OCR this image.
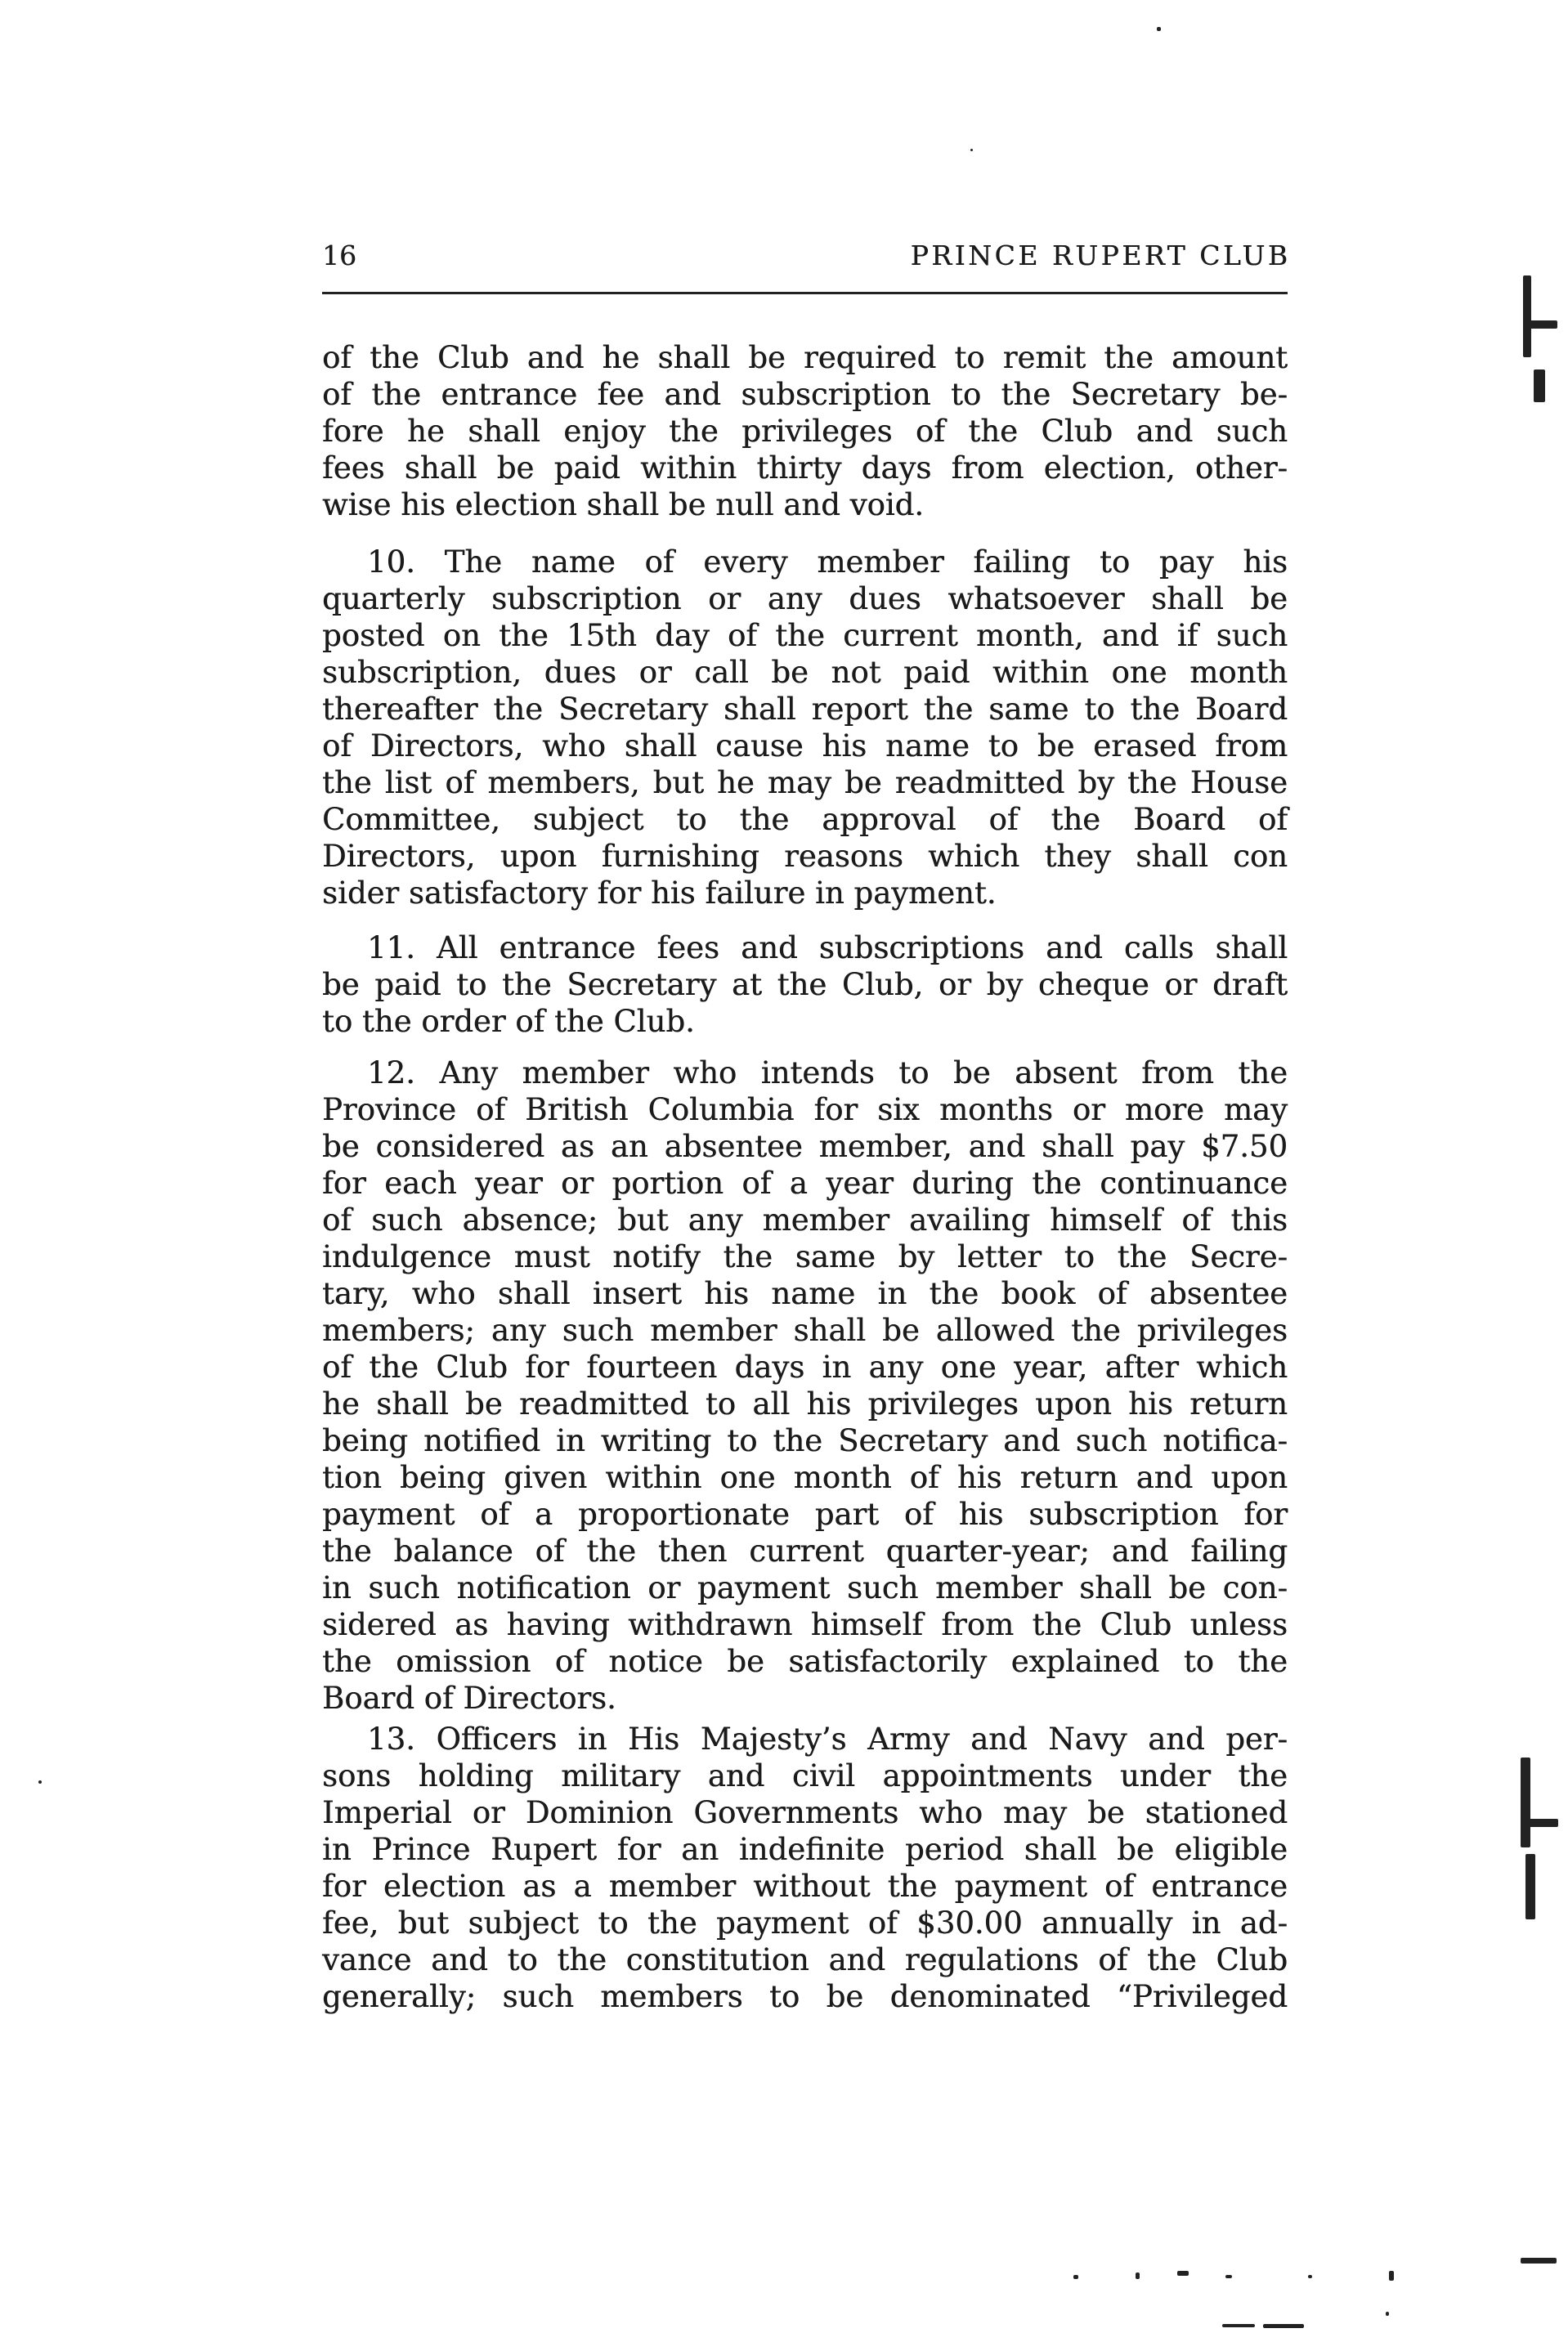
16	PRINCE RUPERT CLUB
of the Club and he shall be required to remit the amount
of the entrance fee and subscription to the Secretary be-
fore he shall enjoy the privileges of the Club and such
fees shall be paid within thirty days from election, other-
wise his election shall be null and void.
10. The name of every member failing to pay his
quarterly subscription or any dues whatsoever shall be
posted on the 15th day of the current month, and if such
subscription, dues or call be not paid within one month
thereafter the Secretary shall report the same to the Board
of Directors, who shall cause his name to be erased from
the list of members, but he may be readmitted by the House
Committee, subject to the approval of the Board of
Directors, upon furnishing reasons which they shall con
sider satisfactory for his failure in payment.
11. All entrance fees and subscriptions and calls shall
be paid to the Secretary at the Club, or by cheque or draft
to the order of the Club.
12. Any member who intends to be absent from the
Province of British Columbia for six months or more may
be considered as an absentee member, and shall pay $7.50
for each year or portion of a year during the continuance
of such absence; but any member availing himself of this
indulgence must notify the same by letter to the Secre-
tary, who shall insert his name in the book of absentee
members; any such member shall be allowed the privileges
of the Club for fourteen days in any one year, after which
he shall be readmitted to all his privileges upon his return
being notified in writing to the Secretary and such notifica-
tion being given within one month of his return and upon
payment of a proportionate part of his subscription for
the balance of the then current quarter-year; and failing
in such notification or payment such member shall be con-
sidered as having withdrawn himself from the Club unless
the omission of notice be satisfactorily explained to the
Board of Directors.
13. Officers in His Majesty’s Army and Navy and per-
sons holding military and civil appointments under the
Imperial or Dominion Governments who may be stationed
in Prince Rupert for an indefinite period shall be eligible
for election as a member without the payment of entrance
fee, but subject to the payment of $30.00 annually in ad-
vance and to the constitution and regulations of the Club
generally; such members to be denominated “Privileged
